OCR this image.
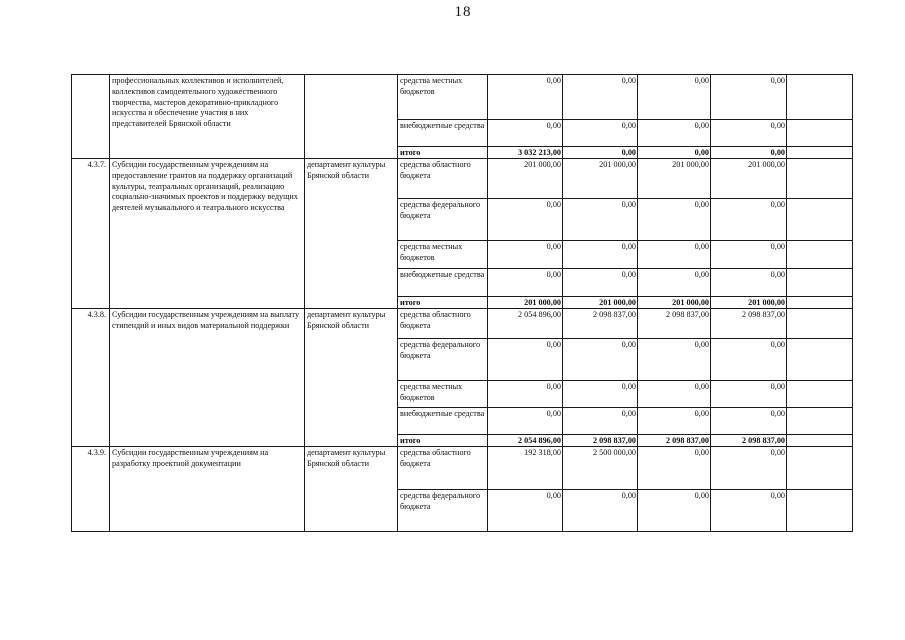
18
	профессиональных коллективов и исполнителей, коллективов самодеятельного художественного творчества, мастеров декоративно-прикладного искусства и обеспечение участия в них представителей Брянской области		средства местных бюджетов	0,00	0,00	0,00	0,00	
			внебюджетные средства	0,00	0,00	0,00	0,00	
			итого	3 032 213,00	0,00	0,00	0,00	
4.3.7.	Субсидии государственным учреждениям на предоставление грантов на поддержку организаций культуры, театральных организаций, реализацию социально-значимых проектов и поддержку ведущих деятелей музыкального и театрального искусства	департамент культуры Брянской области	средства областного бюджета	201 000,00	201 000,00	201 000,00	201 000,00	
			средства федерального бюджета	0,00	0,00	0,00	0,00	
			средства местных бюджетов	0,00	0,00	0,00	0,00	
			внебюджетные средства	0,00	0,00	0,00	0,00	
			итого	201 000,00	201 000,00	201 000,00	201 000,00	
4.3.8.	Субсидии государственным учреждениям на выплату стипендий и иных видов материальной поддержки	департамент культуры Брянской области	средства областного бюджета	2 054 896,00	2 098 837,00	2 098 837,00	2 098 837,00	
			средства федерального бюджета	0,00	0,00	0,00	0,00	
			средства местных бюджетов	0,00	0,00	0,00	0,00	
			внебюджетные средства	0,00	0,00	0,00	0,00	
			итого	2 054 896,00	2 098 837,00	2 098 837,00	2 098 837,00	
4.3.9.	Субсидии государственным учреждениям на разработку проектной документации	департамент культуры Брянской области	средства областного бюджета	192 318,00	2 500 000,00	0,00	0,00	
			средства федерального бюджета	0,00	0,00	0,00	0,00	
